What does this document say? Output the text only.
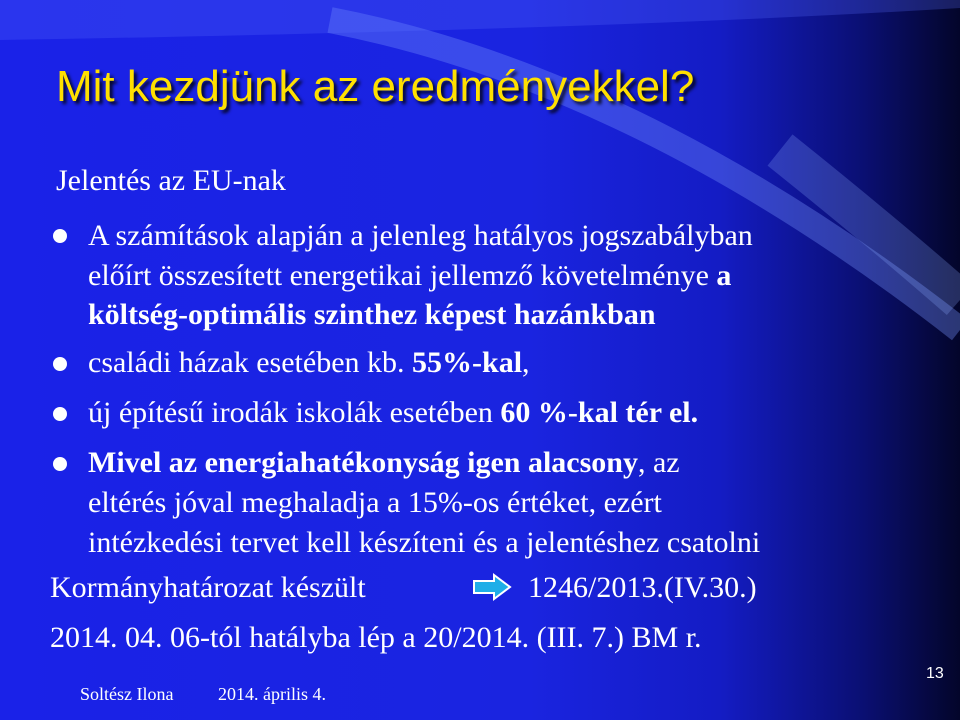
Mit kezdjünk az eredményekkel?
Jelentés az EU-nak
A számítások alapján a jelenleg hatályos jogszabályban
előírt összesített energetikai jellemző követelménye a
költség-optimális szinthez képest hazánkban
családi házak esetében kb. 55%-kal,
új építésű irodák iskolák esetében 60 %-kal tér el.
Mivel az energiahatékonyság igen alacsony, az
eltérés jóval meghaladja a 15%-os értéket, ezért
intézkedési tervet kell készíteni és a jelentéshez csatolni
Kormányhatározat készült	1246/2013.(IV.30.)
2014. 04. 06-tól hatályba lép a 20/2014. (III. 7.) BM r.
Soltész Ilona 2014. április 4.
13
